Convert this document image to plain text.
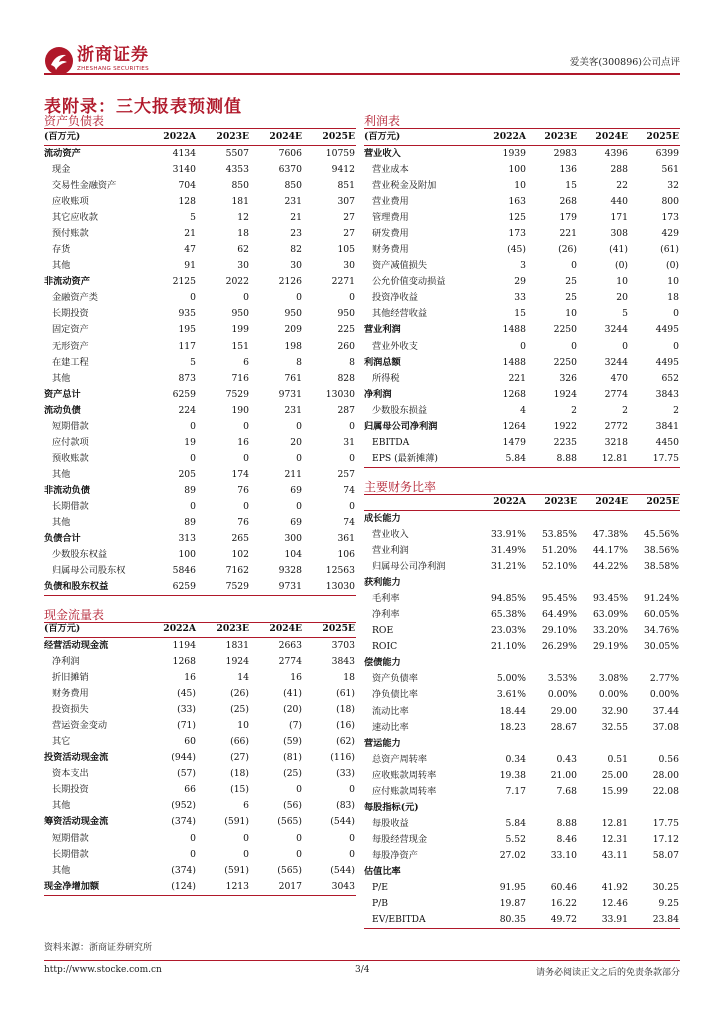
浙商证券
ZHESHANG SECURITIES
爱美客(300896)公司点评
表附录：三大报表预测值
资产负债表
(百万元)	2022A	2023E	2024E	2025E
流动资产	4134	5507	7606	10759
现金	3140	4353	6370	9412
交易性金融资产	704	850	850	851
应收账项	128	181	231	307
其它应收款	5	12	21	27
预付账款	21	18	23	27
存货	47	62	82	105
其他	91	30	30	30
非流动资产	2125	2022	2126	2271
金融资产类	0	0	0	0
长期投资	935	950	950	950
固定资产	195	199	209	225
无形资产	117	151	198	260
在建工程	5	6	8	8
其他	873	716	761	828
资产总计	6259	7529	9731	13030
流动负债	224	190	231	287
短期借款	0	0	0	0
应付款项	19	16	20	31
预收账款	0	0	0	0
其他	205	174	211	257
非流动负债	89	76	69	74
长期借款	0	0	0	0
其他	89	76	69	74
负债合计	313	265	300	361
少数股东权益	100	102	104	106
归属母公司股东权	5846	7162	9328	12563
负债和股东权益	6259	7529	9731	13030
现金流量表
(百万元)	2022A	2023E	2024E	2025E
经营活动现金流	1194	1831	2663	3703
净利润	1268	1924	2774	3843
折旧摊销	16	14	16	18
财务费用	(45)	(26)	(41)	(61)
投资损失	(33)	(25)	(20)	(18)
营运资金变动	(71)	10	(7)	(16)
其它	60	(66)	(59)	(62)
投资活动现金流	(944)	(27)	(81)	(116)
资本支出	(57)	(18)	(25)	(33)
长期投资	66	(15)	0	0
其他	(952)	6	(56)	(83)
筹资活动现金流	(374)	(591)	(565)	(544)
短期借款	0	0	0	0
长期借款	0	0	0	0
其他	(374)	(591)	(565)	(544)
现金净增加额	(124)	1213	2017	3043
利润表
(百万元)	2022A	2023E	2024E	2025E
营业收入	1939	2983	4396	6399
营业成本	100	136	288	561
营业税金及附加	10	15	22	32
营业费用	163	268	440	800
管理费用	125	179	171	173
研发费用	173	221	308	429
财务费用	(45)	(26)	(41)	(61)
资产减值损失	3	0	(0)	(0)
公允价值变动损益	29	25	10	10
投资净收益	33	25	20	18
其他经营收益	15	10	5	0
营业利润	1488	2250	3244	4495
营业外收支	0	0	0	0
利润总额	1488	2250	3244	4495
所得税	221	326	470	652
净利润	1268	1924	2774	3843
少数股东损益	4	2	2	2
归属母公司净利润	1264	1922	2772	3841
EBITDA	1479	2235	3218	4450
EPS (最新摊薄)	5.84	8.88	12.81	17.75
主要财务比率
	2022A	2023E	2024E	2025E
成长能力				
营业收入	33.91%	53.85%	47.38%	45.56%
营业利润	31.49%	51.20%	44.17%	38.56%
归属母公司净利润	31.21%	52.10%	44.22%	38.58%
获利能力				
毛利率	94.85%	95.45%	93.45%	91.24%
净利率	65.38%	64.49%	63.09%	60.05%
ROE	23.03%	29.10%	33.20%	34.76%
ROIC	21.10%	26.29%	29.19%	30.05%
偿债能力				
资产负债率	5.00%	3.53%	3.08%	2.77%
净负债比率	3.61%	0.00%	0.00%	0.00%
流动比率	18.44	29.00	32.90	37.44
速动比率	18.23	28.67	32.55	37.08
营运能力				
总资产周转率	0.34	0.43	0.51	0.56
应收账款周转率	19.38	21.00	25.00	28.00
应付账款周转率	7.17	7.68	15.99	22.08
每股指标(元)				
每股收益	5.84	8.88	12.81	17.75
每股经营现金	5.52	8.46	12.31	17.12
每股净资产	27.02	33.10	43.11	58.07
估值比率				
P/E	91.95	60.46	41.92	30.25
P/B	19.87	16.22	12.46	9.25
EV/EBITDA	80.35	49.72	33.91	23.84
资料来源：浙商证券研究所
http://www.stocke.com.cn	3/4	请务必阅读正文之后的免责条款部分
